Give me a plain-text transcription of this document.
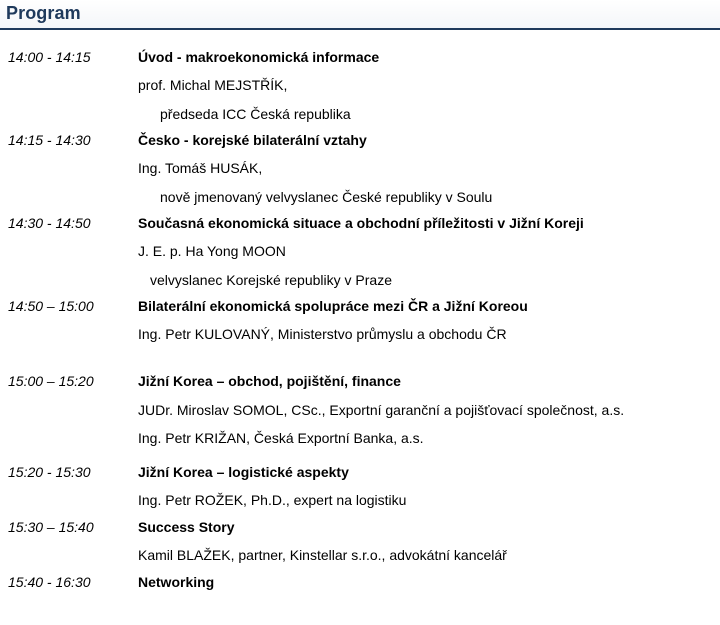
Program
14:00 - 14:15	Úvod - makroekonomická informace
prof. Michal MEJSTŘÍK,
předseda ICC Česká republika
14:15 - 14:30	Česko - korejské bilaterální vztahy
Ing. Tomáš HUSÁK,
nově jmenovaný velvyslanec České republiky v Soulu
14:30 - 14:50	Současná ekonomická situace a obchodní příležitosti v Jižní Koreji
J. E. p. Ha Yong MOON
velvyslanec Korejské republiky v Praze
14:50 – 15:00	Bilaterální ekonomická spolupráce mezi ČR a Jižní Koreou
Ing. Petr KULOVANÝ, Ministerstvo průmyslu a obchodu ČR
15:00 – 15:20	Jižní Korea – obchod, pojištění, finance
JUDr. Miroslav SOMOL, CSc., Exportní garanční a pojišťovací společnost, a.s.
Ing. Petr KRIŽAN, Česká Exportní Banka, a.s.
15:20 - 15:30	Jižní Korea – logistické aspekty
Ing. Petr ROŽEK, Ph.D., expert na logistiku
15:30 – 15:40	Success Story
Kamil BLAŽEK, partner, Kinstellar s.r.o., advokátní kancelář
15:40 - 16:30	Networking
